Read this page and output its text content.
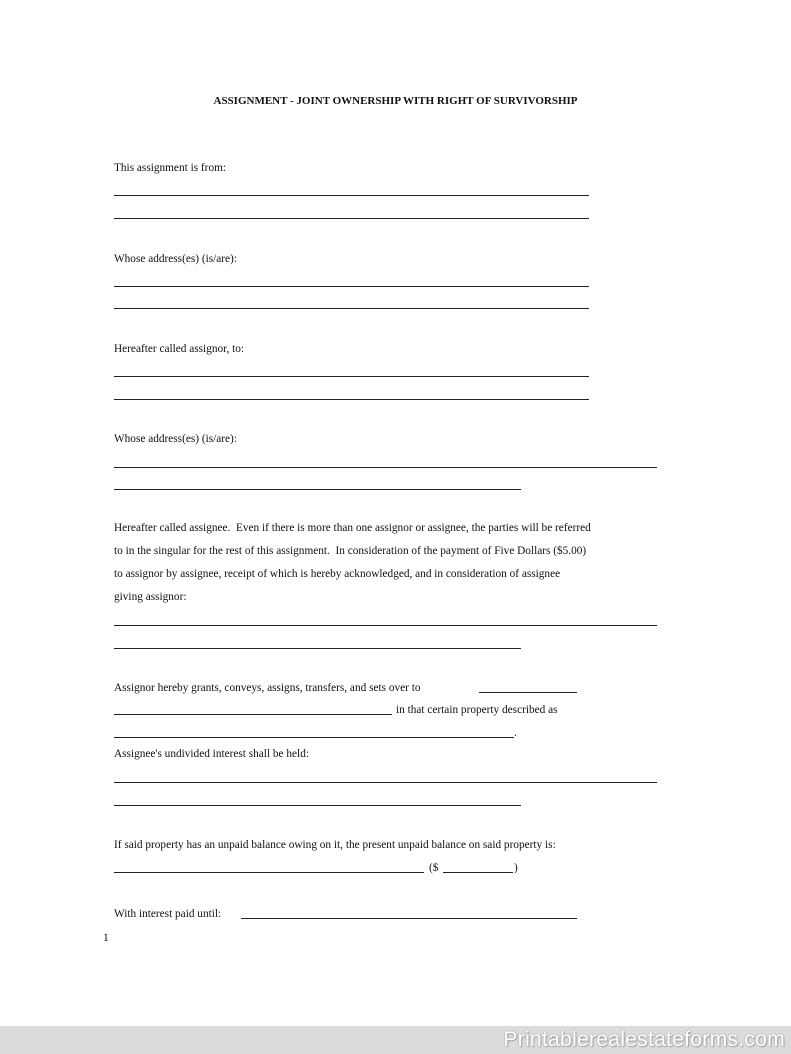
ASSIGNMENT - JOINT OWNERSHIP WITH RIGHT OF SURVIVORSHIP
This assignment is from:
Whose address(es) (is/are):
Hereafter called assignor, to:
Whose address(es) (is/are):
Hereafter called assignee.  Even if there is more than one assignor or assignee, the parties will be referred
to in the singular for the rest of this assignment.  In consideration of the payment of Five Dollars ($5.00)
to assignor by assignee, receipt of which is hereby acknowledged, and in consideration of assignee
giving assignor:
Assignor hereby grants, conveys, assigns, transfers, and sets over to
in that certain property described as
.
Assignee's undivided interest shall be held:
If said property has an unpaid balance owing on it, the present unpaid balance on said property is:
($	)
With interest paid until:
1
Printablerealestateforms.com
